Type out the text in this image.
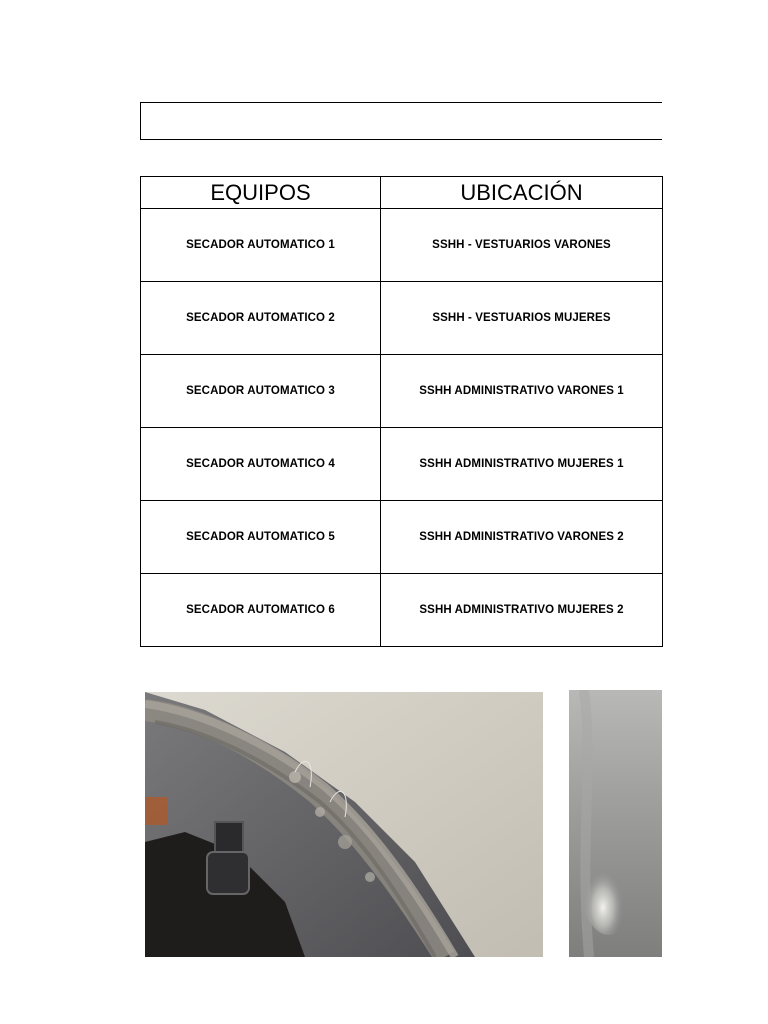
EQUIPOS	UBICACIÓN
SECADOR AUTOMATICO 1	SSHH - VESTUARIOS VARONES
SECADOR AUTOMATICO 2	SSHH - VESTUARIOS MUJERES
SECADOR AUTOMATICO 3	SSHH ADMINISTRATIVO VARONES 1
SECADOR AUTOMATICO 4	SSHH ADMINISTRATIVO MUJERES 1
SECADOR AUTOMATICO 5	SSHH ADMINISTRATIVO VARONES 2
SECADOR AUTOMATICO 6	SSHH ADMINISTRATIVO MUJERES 2
